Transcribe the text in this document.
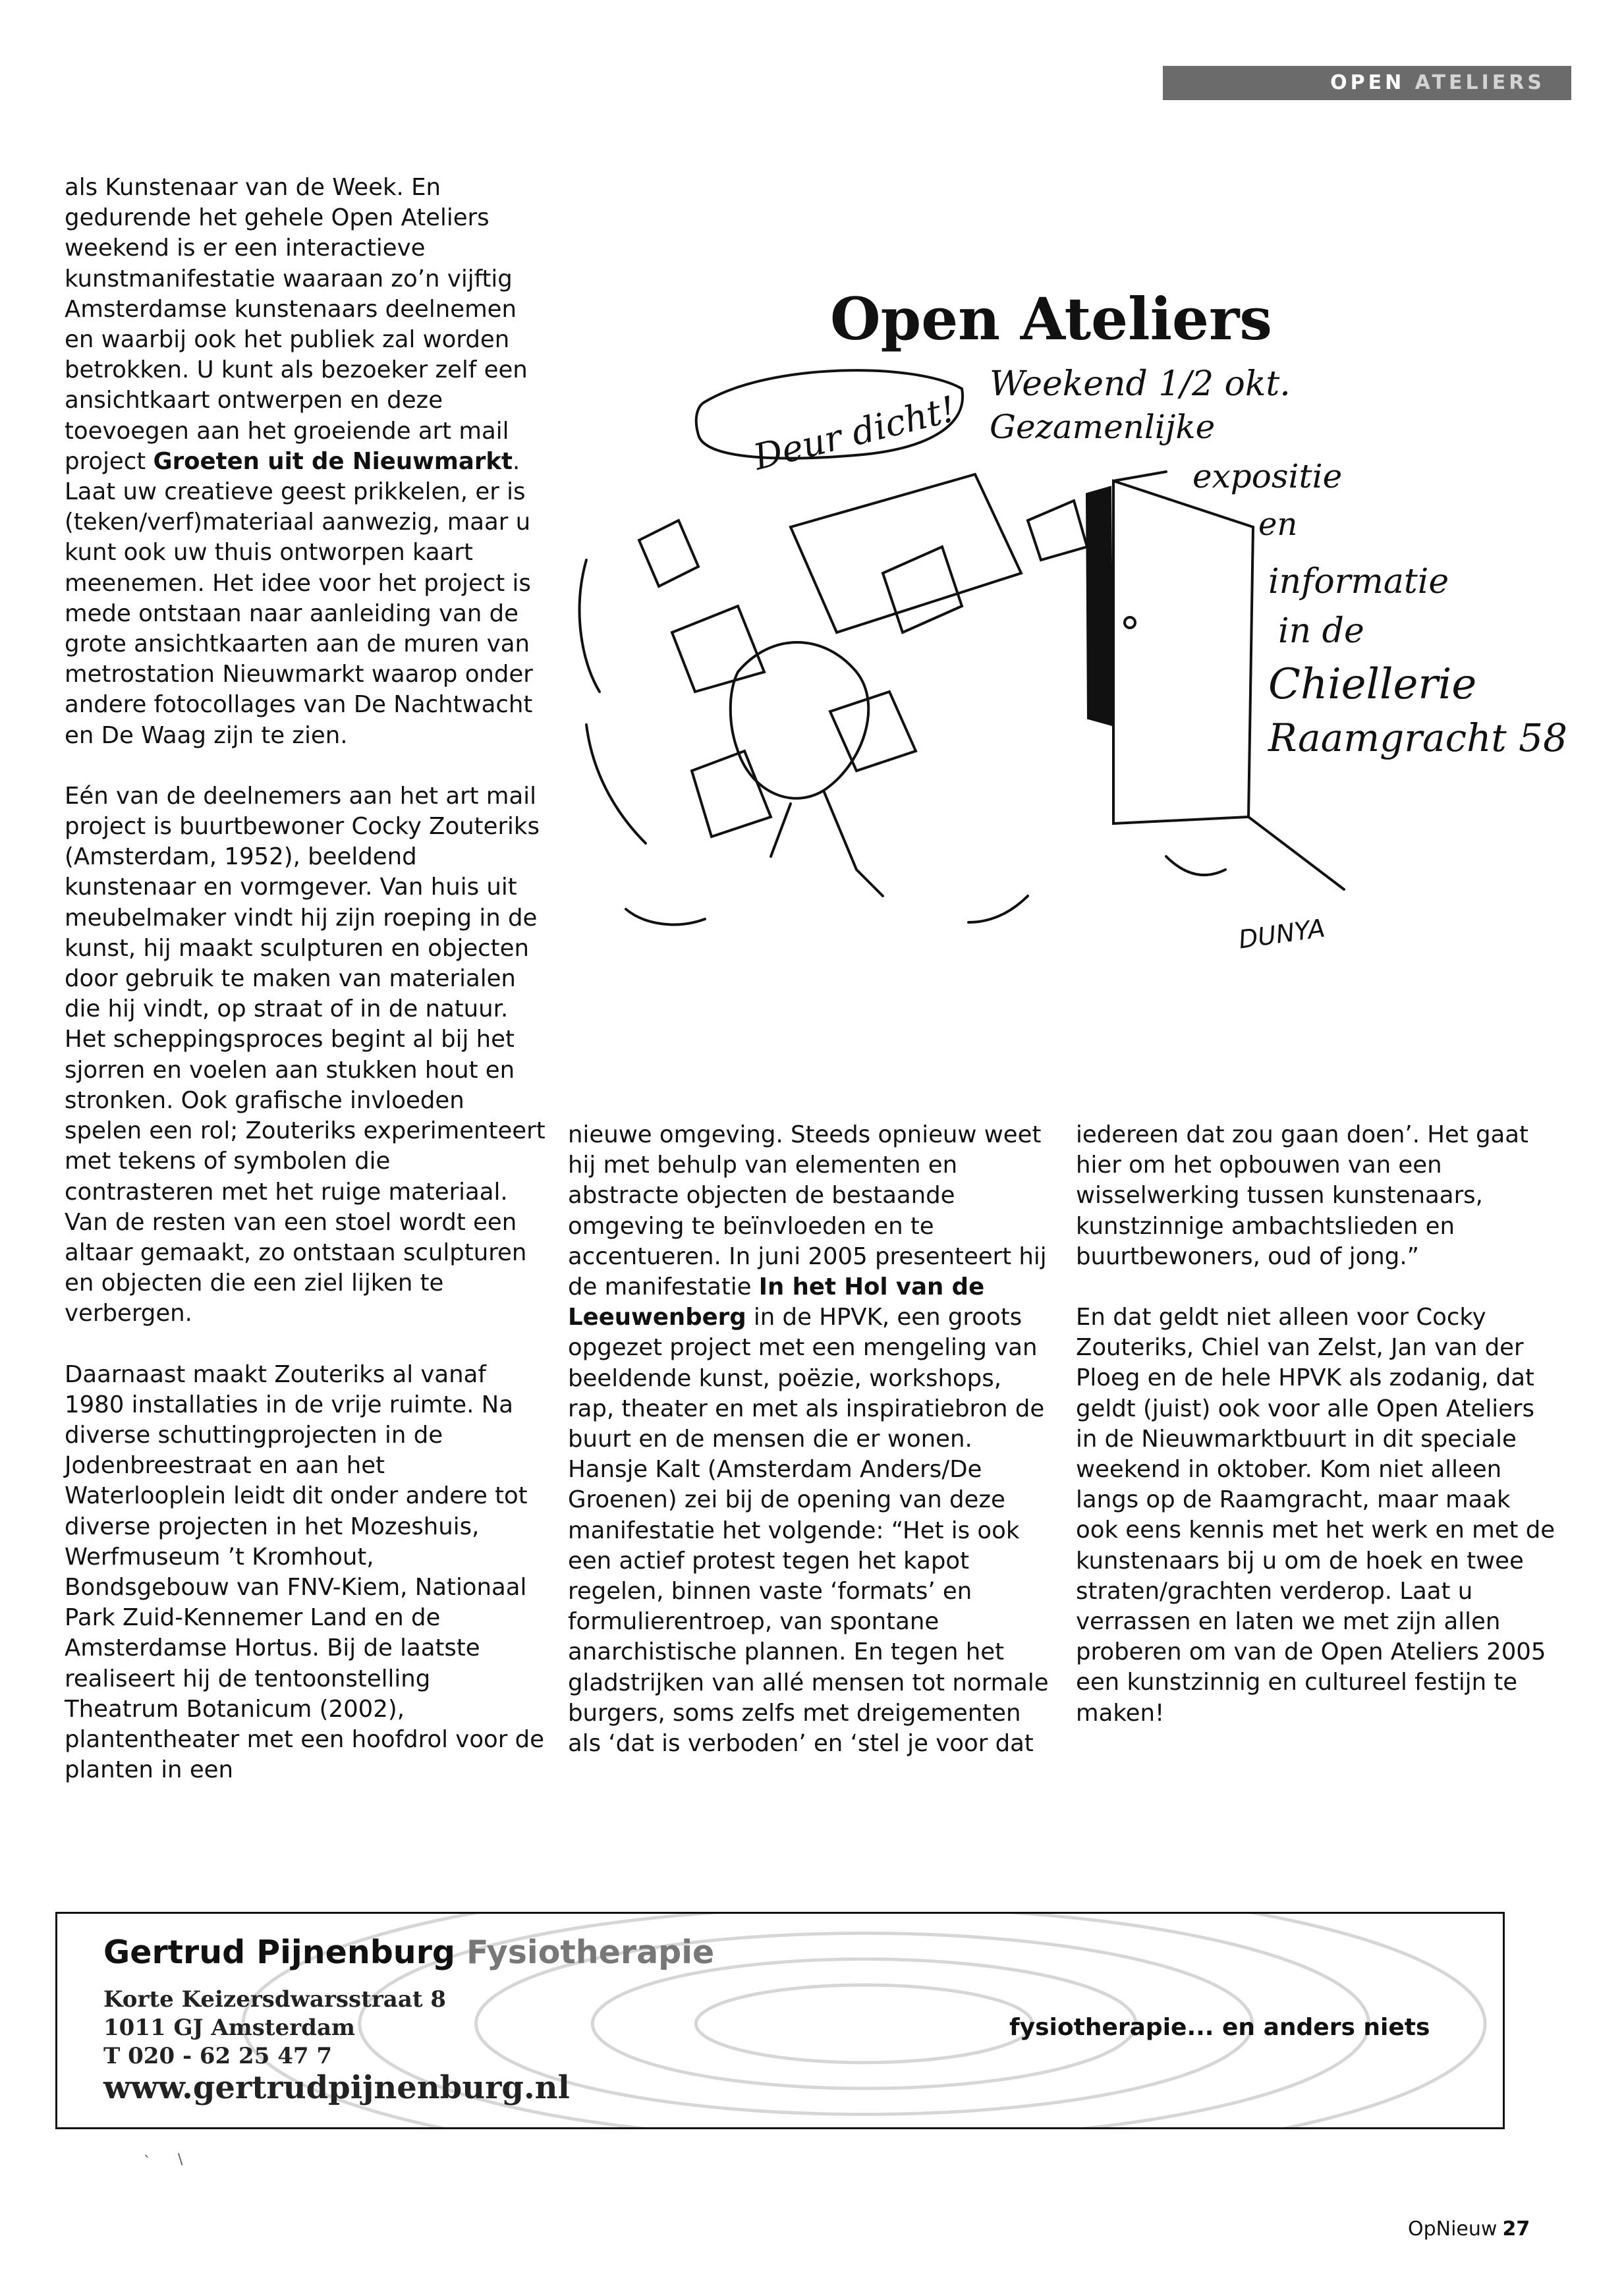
OPEN ATELIERS

als Kunstenaar van de Week. En gedurende het gehele Open Ateliers weekend is er een interactieve kunstmanifestatie waaraan zo’n vijftig Amsterdamse kunstenaars deelnemen en waarbij ook het publiek zal worden betrokken. U kunt als bezoeker zelf een ansichtkaart ontwerpen en deze toevoegen aan het groeiende art mail project Groeten uit de Nieuwmarkt. Laat uw creatieve geest prikkelen, er is (teken/verf)materiaal aanwezig, maar u kunt ook uw thuis ontworpen kaart meenemen. Het idee voor het project is mede ontstaan naar aanleiding van de grote ansichtkaarten aan de muren van metrostation Nieuwmarkt waarop onder andere fotocollages van De Nachtwacht en De Waag zijn te zien.

Eén van de deelnemers aan het art mail project is buurtbewoner Cocky Zouteriks (Amsterdam, 1952), beeldend kunstenaar en vormgever. Van huis uit meubelmaker vindt hij zijn roeping in de kunst, hij maakt sculpturen en objecten door gebruik te maken van materialen die hij vindt, op straat of in de natuur. Het scheppingsproces begint al bij het sjorren en voelen aan stukken hout en stronken. Ook grafische invloeden spelen een rol; Zouteriks experimenteert met tekens of symbolen die contrasteren met het ruige materiaal. Van de resten van een stoel wordt een altaar gemaakt, zo ontstaan sculpturen en objecten die een ziel lijken te verbergen.

Daarnaast maakt Zouteriks al vanaf 1980 installaties in de vrije ruimte. Na diverse schuttingprojecten in de Jodenbreestraat en aan het Waterlooplein leidt dit onder andere tot diverse projecten in het Mozeshuis, Werfmuseum ’t Kromhout, Bondsgebouw van FNV-Kiem, Nationaal Park Zuid-Kennemer Land en de Amsterdamse Hortus. Bij de laatste realiseert hij de tentoonstelling Theatrum Botanicum (2002), plantentheater met een hoofdrol voor de planten in een

nieuwe omgeving. Steeds opnieuw weet hij met behulp van elementen en abstracte objecten de bestaande omgeving te beïnvloeden en te accentueren. In juni 2005 presenteert hij de manifestatie In het Hol van de Leeuwenberg in de HPVK, een groots opgezet project met een mengeling van beeldende kunst, poëzie, workshops, rap, theater en met als inspiratiebron de buurt en de mensen die er wonen. Hansje Kalt (Amsterdam Anders/De Groenen) zei bij de opening van deze manifestatie het volgende: “Het is ook een actief protest tegen het kapot regelen, binnen vaste ‘formats’ en formulierentroep, van spontane anarchistische plannen. En tegen het gladstrijken van allé mensen tot normale burgers, soms zelfs met dreigementen als ‘dat is verboden’ en ‘stel je voor dat

iedereen dat zou gaan doen’. Het gaat hier om het opbouwen van een wisselwerking tussen kunstenaars, kunstzinnige ambachtslieden en buurtbewoners, oud of jong.”

En dat geldt niet alleen voor Cocky Zouteriks, Chiel van Zelst, Jan van der Ploeg en de hele HPVK als zodanig, dat geldt (juist) ook voor alle Open Ateliers in de Nieuwmarktbuurt in dit speciale weekend in oktober. Kom niet alleen langs op de Raamgracht, maar maak ook eens kennis met het werk en met de kunstenaars bij u om de hoek en twee straten/grachten verderop. Laat u verrassen en laten we met zijn allen proberen om van de Open Ateliers 2005 een kunstzinnig en cultureel festijn te maken!

Open Ateliers
Deur dicht!
Weekend 1/2 okt.
Gezamenlijke
expositie
en
informatie
in de
Chiellerie
Raamgracht 58
DUNYA
Gertrud Pijnenburg Fysiotherapie
Korte Keizersdwarsstraat 8
1011 GJ Amsterdam
T 020 - 62 25 47 7
www.gertrudpijnenburg.nl
fysiotherapie... en anders niets
` \
OpNieuw 27
